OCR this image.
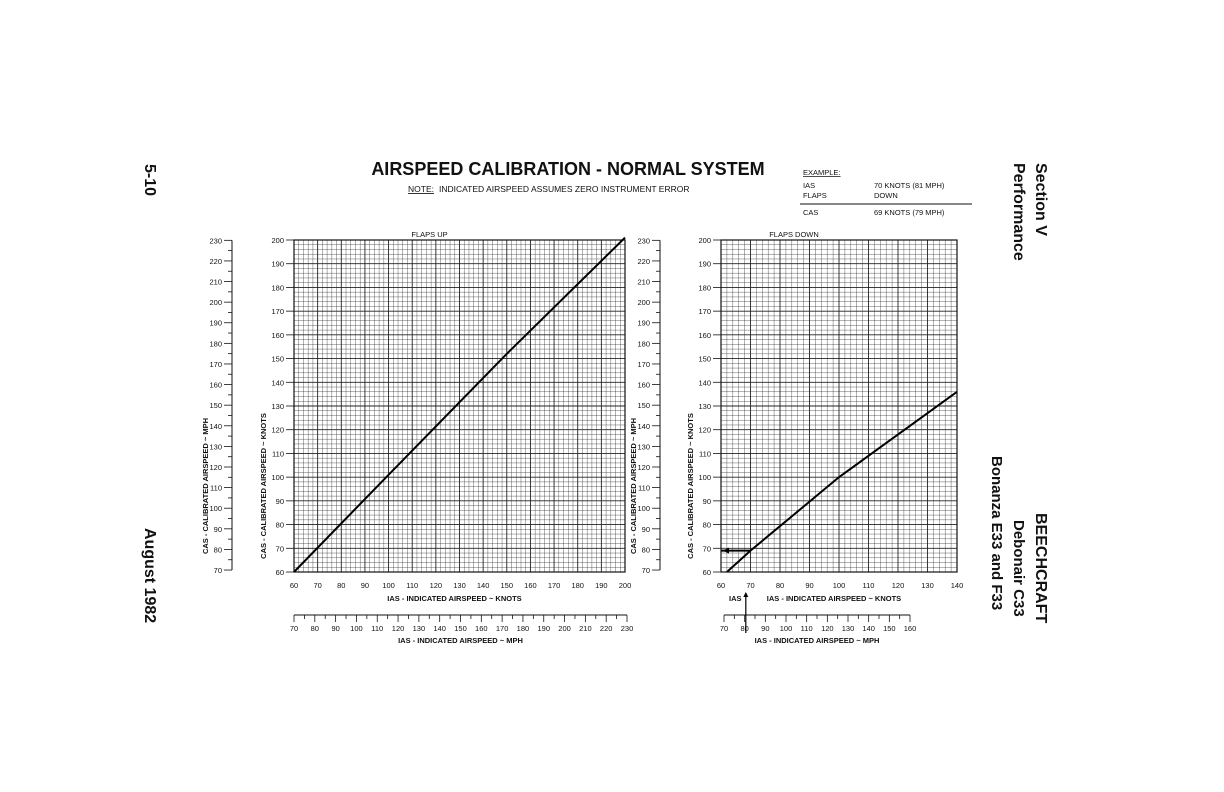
AIRSPEED CALIBRATION - NORMAL SYSTEM
NOTE: INDICATED AIRSPEED ASSUMES ZERO INSTRUMENT ERROR
EXAMPLE:
IAS	70 KNOTS (81 MPH)
FLAPS	DOWN
CAS	69 KNOTS (79 MPH)
5-10
August 1982
Section V
Performance
BEECHCRAFT
Debonair C33
Bonanza E33 and F33
FLAPS UP
60 70 80 90 100 110 120 130 140 150 160 170 180 190 200
60
70
80
90
100
110
120
130
140
150
160
170
180
190
200
IAS - INDICATED AIRSPEED ~ KNOTS
70 80 90 100 110 120 130 140 150 160 170 180 190 200 210 220 230
IAS - INDICATED AIRSPEED ~ MPH
70
80
90
100
110
120
130
140
150
160
170
180
190
200
210
220
230
CAS - CALIBRATED AIRSPEED ~ KNOTS
CAS - CALIBRATED AIRSPEED ~ MPH
FLAPS DOWN
60	70	80	90	100 110 120 130 140
60
70
80
90
100
110
120
130
140
150
160
170
180
190
200
IAS - INDICATED AIRSPEED ~ KNOTS
70 80 90 100 110 120 130 140 150 160
IAS - INDICATED AIRSPEED ~ MPH
70
80
90
100
110
120
130
140
150
160
170
180
190
200
210
220
230
CAS - CALIBRATED AIRSPEED ~ KNOTS
CAS - CALIBRATED AIRSPEED ~ MPH
IAS
